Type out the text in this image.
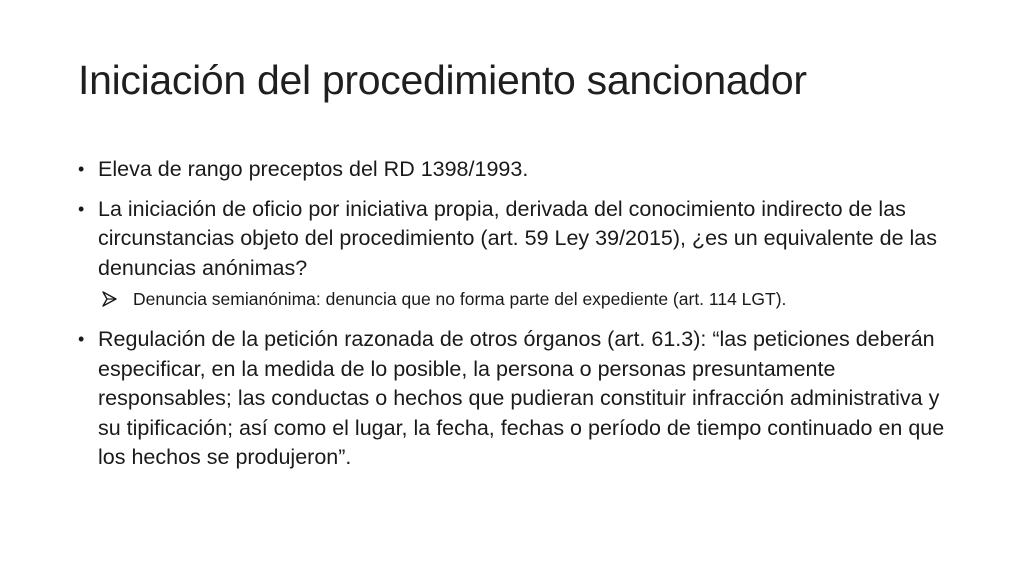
Iniciación del procedimiento sancionador
• Eleva de rango preceptos del RD 1398/1993.
• La iniciación de oficio por iniciativa propia, derivada del conocimiento indirecto de las circunstancias objeto del procedimiento (art. 59 Ley 39/2015), ¿es un equivalente de las denuncias anónimas?
Denuncia semianónima: denuncia que no forma parte del expediente (art. 114 LGT).
• Regulación de la petición razonada de otros órganos (art. 61.3): “las peticiones deberán especificar, en la medida de lo posible, la persona o personas presuntamente responsables; las conductas o hechos que pudieran constituir infracción administrativa y su tipificación; así como el lugar, la fecha, fechas o período de tiempo continuado en que los hechos se produjeron”.
